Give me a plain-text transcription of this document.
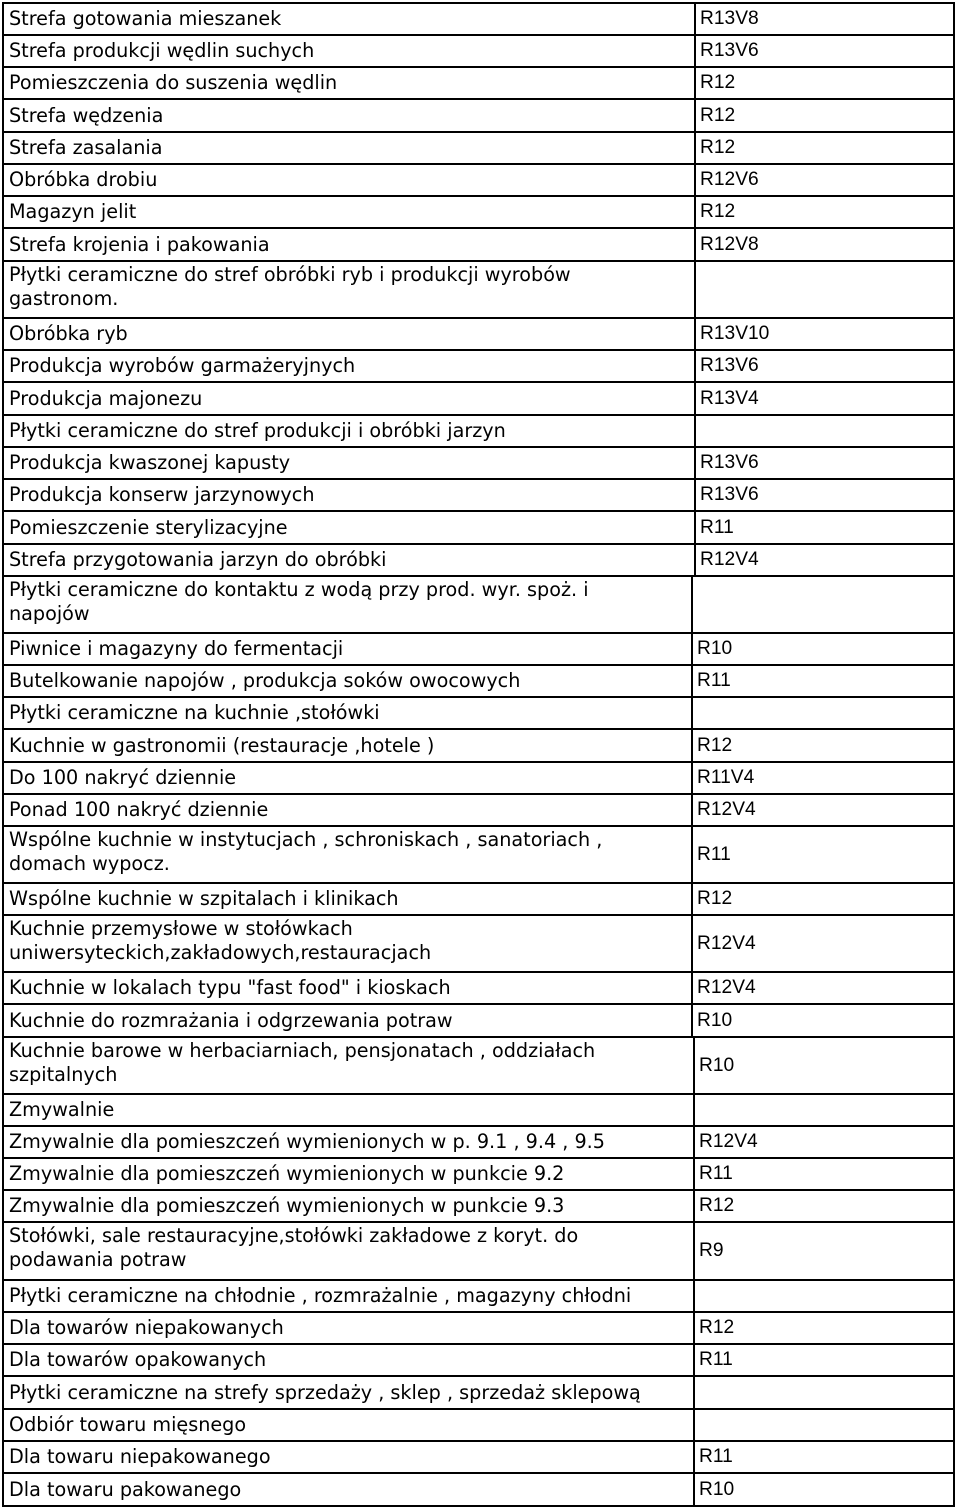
Strefa gotowania mieszanek	R13V8
Strefa produkcji wędlin suchych	R13V6
Pomieszczenia do suszenia wędlin	R12
Strefa wędzenia	R12
Strefa zasalania	R12
Obróbka drobiu	R12V6
Magazyn jelit	R12
Strefa krojenia i pakowania	R12V8
Płytki ceramiczne do stref obróbki ryb i produkcji wyrobów
gastronom.
Obróbka ryb	R13V10
Produkcja wyrobów garmażeryjnych	R13V6
Produkcja majonezu	R13V4
Płytki ceramiczne do stref produkcji i obróbki jarzyn
Produkcja kwaszonej kapusty	R13V6
Produkcja konserw jarzynowych	R13V6
Pomieszczenie sterylizacyjne	R11
Strefa przygotowania jarzyn do obróbki	R12V4
Płytki ceramiczne do kontaktu z wodą przy prod. wyr. spoż. i
napojów
Piwnice i magazyny do fermentacji	R10
Butelkowanie napojów , produkcja soków owocowych	R11
Płytki ceramiczne na kuchnie ,stołówki
Kuchnie w gastronomii (restauracje ,hotele )	R12
Do 100 nakryć dziennie	R11V4
Ponad 100 nakryć dziennie	R12V4
Wspólne kuchnie w instytucjach , schroniskach , sanatoriach ,
domach wypocz.	R11
Wspólne kuchnie w szpitalach i klinikach	R12
Kuchnie przemysłowe w stołówkach
uniwersyteckich,zakładowych,restauracjach	R12V4
Kuchnie w lokalach typu "fast food" i kioskach	R12V4
Kuchnie do rozmrażania i odgrzewania potraw	R10
Kuchnie barowe w herbaciarniach, pensjonatach , oddziałach
szpitalnych	R10
Zmywalnie
Zmywalnie dla pomieszczeń wymienionych w p. 9.1 , 9.4 , 9.5	R12V4
Zmywalnie dla pomieszczeń wymienionych w punkcie 9.2	R11
Zmywalnie dla pomieszczeń wymienionych w punkcie 9.3	R12
Stołówki, sale restauracyjne,stołówki zakładowe z koryt. do
podawania potraw	R9
Płytki ceramiczne na chłodnie , rozmrażalnie , magazyny chłodni
Dla towarów niepakowanych	R12
Dla towarów opakowanych	R11
Płytki ceramiczne na strefy sprzedaży , sklep , sprzedaż sklepową
Odbiór towaru mięsnego
Dla towaru niepakowanego	R11
Dla towaru pakowanego	R10
